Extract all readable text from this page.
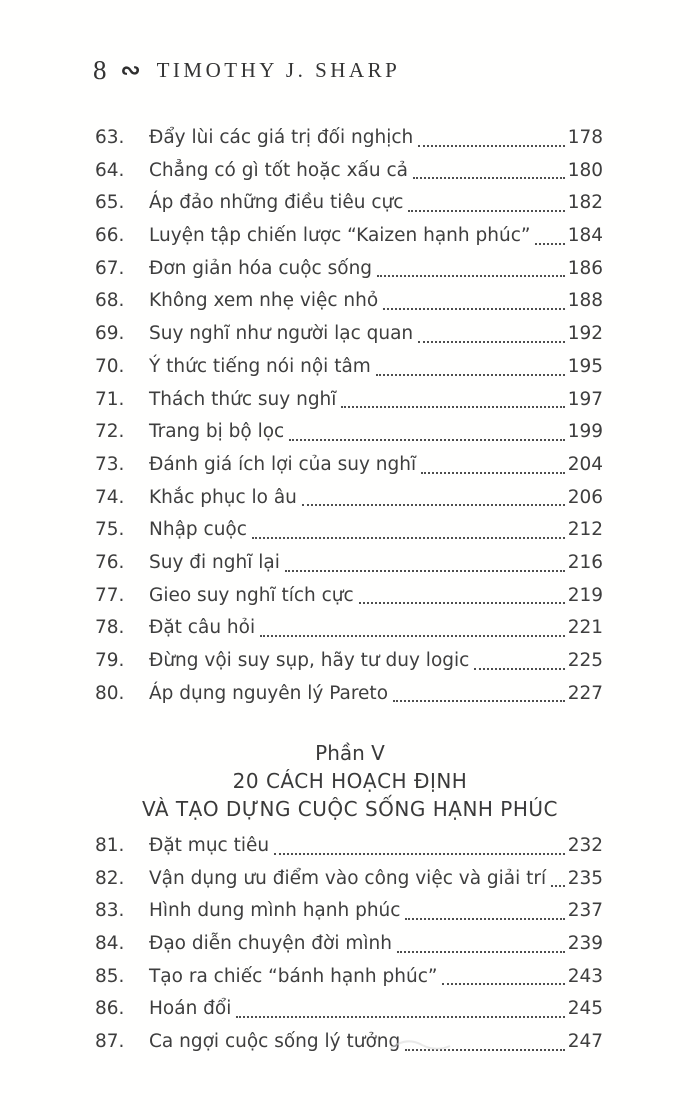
8 ∾ TIMOTHY J. SHARP
63.	Đẩy lùi các giá trị đối nghịch	178
64.	Chẳng có gì tốt hoặc xấu cả	180
65.	Áp đảo những điều tiêu cực	182
66.	Luyện tập chiến lược “Kaizen hạnh phúc” 184
67.	Đơn giản hóa cuộc sống	186
68.	Không xem nhẹ việc nhỏ	188
69.	Suy nghĩ như người lạc quan	192
70.	Ý thức tiếng nói nội tâm	195
71.	Thách thức suy nghĩ	197
72.	Trang bị bộ lọc	199
73.	Đánh giá ích lợi của suy nghĩ	204
74.	Khắc phục lo âu	206
75.	Nhập cuộc	212
76.	Suy đi nghĩ lại	216
77.	Gieo suy nghĩ tích cực	219
78.	Đặt câu hỏi	221
79.	Đừng vội suy sụp, hãy tư duy logic	225
80.	Áp dụng nguyên lý Pareto	227
Phần V
20 CÁCH HOẠCH ĐỊNH
VÀ TẠO DỰNG CUỘC SỐNG HẠNH PHÚC
81.	Đặt mục tiêu	232
82.	Vận dụng ưu điểm vào công việc và giải trí 235
83.	Hình dung mình hạnh phúc	237
84.	Đạo diễn chuyện đời mình	239
85.	Tạo ra chiếc “bánh hạnh phúc”	243
86.	Hoán đổi	245
87.	Ca ngợi cuộc sống lý tưởng	247
